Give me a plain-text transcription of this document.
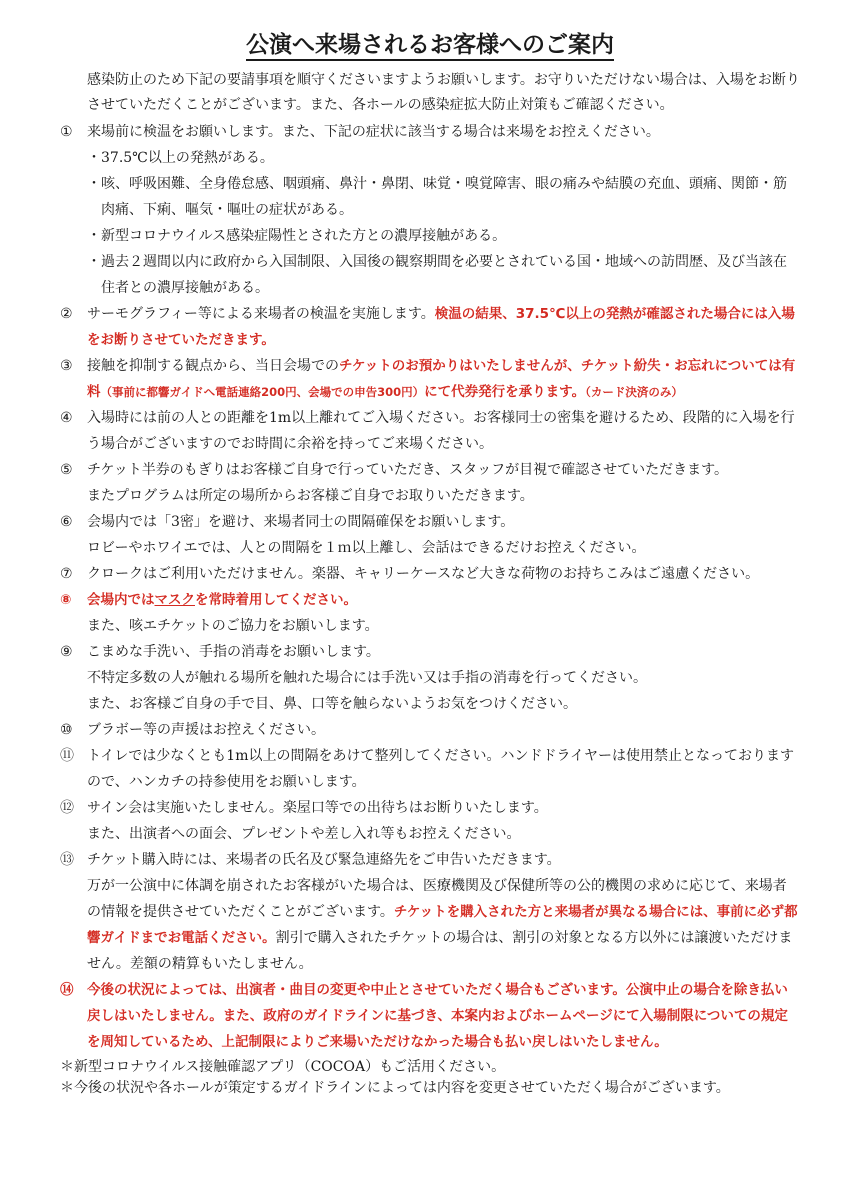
公演へ来場されるお客様へのご案内
感染防止のため下記の要請事項を順守くださいますようお願いします。お守りいただけない場合は、入場をお断りさせていただくことがございます。また、各ホールの感染症拡大防止対策もご確認ください。
①	来場前に検温をお願いします。また、下記の症状に該当する場合は来場をお控えください。

・ 37.5℃以上の発熱がある。
・ 咳、呼吸困難、全身倦怠感、咽頭痛、鼻汁・鼻閉、味覚・嗅覚障害、眼の痛みや結膜の充血、頭痛、関節・筋肉痛、下痢、嘔気・嘔吐の症状がある。
・ 新型コロナウイルス感染症陽性とされた方との濃厚接触がある。
・ 過去２週間以内に政府から入国制限、入国後の観察期間を必要とされている国・地域への訪問歴、及び当該在住者との濃厚接触がある。
②	サーモグラフィー等による来場者の検温を実施します。検温の結果、37.5℃以上の発熱が確認された場合には入場をお断りさせていただきます。
③	接触を抑制する観点から、当日会場でのチケットのお預かりはいたしませんが、チケット紛失・お忘れについては有料（事前に都響ガイドへ電話連絡200円、会場での申告300円）にて代券発行を承ります。（カード決済のみ）
④	入場時には前の人との距離を1m以上離れてご入場ください。お客様同士の密集を避けるため、段階的に入場を行う場合がございますのでお時間に余裕を持ってご来場ください。
⑤	チケット半券のもぎりはお客様ご自身で行っていただき、スタッフが目視で確認させていただきます。

またプログラムは所定の場所からお客様ご自身でお取りいただきます。

⑥	会場内では「3密」を避け、来場者同士の間隔確保をお願いします。

ロビーやホワイエでは、人との間隔を１ｍ以上離し、会話はできるだけお控えください。

⑦	クロークはご利用いただけません。楽器、キャリーケースなど大きな荷物のお持ちこみはご遠慮ください。
⑧	会場内ではマスクを常時着用してください。

また、咳エチケットのご協力をお願いします。

⑨	こまめな手洗い、手指の消毒をお願いします。

不特定多数の人が触れる場所を触れた場合には手洗い又は手指の消毒を行ってください。

また、お客様ご自身の手で目、鼻、口等を触らないようお気をつけください。

⑩	ブラボー等の声援はお控えください。
⑪ トイレでは少なくとも1m以上の間隔をあけて整列してください。ハンドドライヤーは使用禁止となっておりますので、ハンカチの持参使用をお願いします。
⑫ サイン会は実施いたしません。楽屋口等での出待ちはお断りいたします。

また、出演者への面会、プレゼントや差し入れ等もお控えください。

⑬ チケット購入時には、来場者の氏名及び緊急連絡先をご申告いただきます。

万が一公演中に体調を崩されたお客様がいた場合は、医療機関及び保健所等の公的機関の求めに応じて、来場者の情報を提供させていただくことがございます。チケットを購入された方と来場者が異なる場合には、事前に必ず都響ガイドまでお電話ください。割引で購入されたチケットの場合は、割引の対象となる方以外には譲渡いただけません。差額の精算もいたしません。

⑭	今後の状況によっては、出演者・曲目の変更や中止とさせていただく場合もございます。公演中止の場合を除き払い戻しはいたしません。また、政府のガイドラインに基づき、本案内およびホームページにて入場制限についての規定を周知しているため、上記制限によりご来場いただけなかった場合も払い戻しはいたしません。
＊ 新型コロナウイルス接触確認アプリ（COCOA）もご活用ください。
＊ 今後の状況や各ホールが策定するガイドラインによっては内容を変更させていただく場合がございます。
